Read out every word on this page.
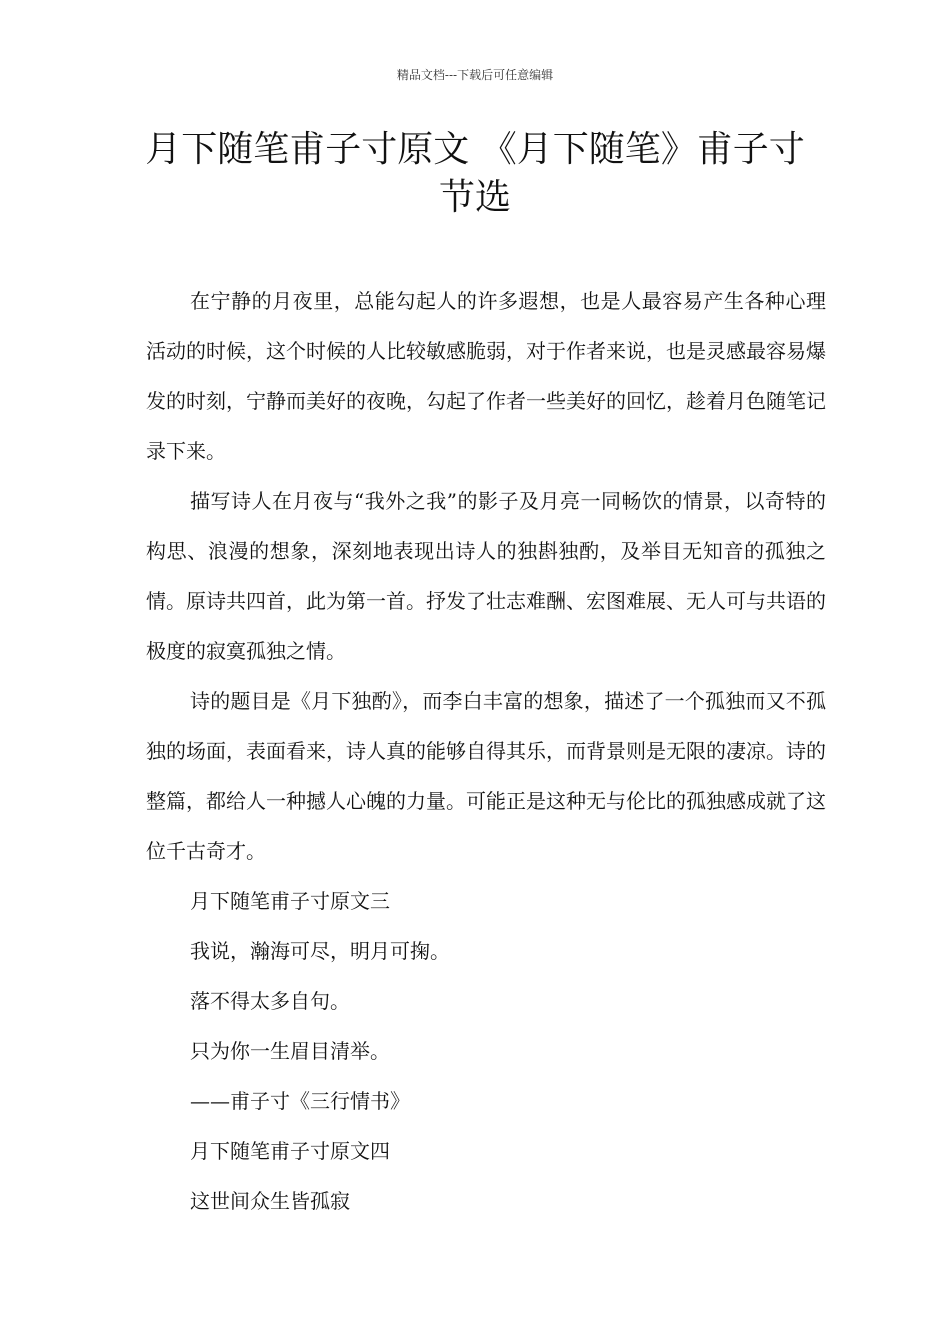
精品文档---下载后可任意编辑
月下随笔甫子寸原文 《月下随笔》甫子寸节选

在宁静的月夜里，总能勾起人的许多遐想，也是人最容易产生各种心理活动的时候，这个时候的人比较敏感脆弱，对于作者来说，也是灵感最容易爆发的时刻，宁静而美好的夜晚，勾起了作者一些美好的回忆，趁着月色随笔记录下来。

描写诗人在月夜与“我外之我”的影子及月亮一同畅饮的情景，以奇特的构思、浪漫的想象，深刻地表现出诗人的独斟独酌，及举目无知音的孤独之情。原诗共四首，此为第一首。抒发了壮志难酬、宏图难展、无人可与共语的极度的寂寞孤独之情。

诗的题目是《月下独酌》，而李白丰富的想象，描述了一个孤独而又不孤独的场面，表面看来，诗人真的能够自得其乐，而背景则是无限的凄凉。诗的整篇，都给人一种撼人心魄的力量。可能正是这种无与伦比的孤独感成就了这位千古奇才。

月下随笔甫子寸原文三

我说，瀚海可尽，明月可掬。

落不得太多自句。

只为你一生眉目清举。

——甫子寸《三行情书》

月下随笔甫子寸原文四

这世间众生皆孤寂
